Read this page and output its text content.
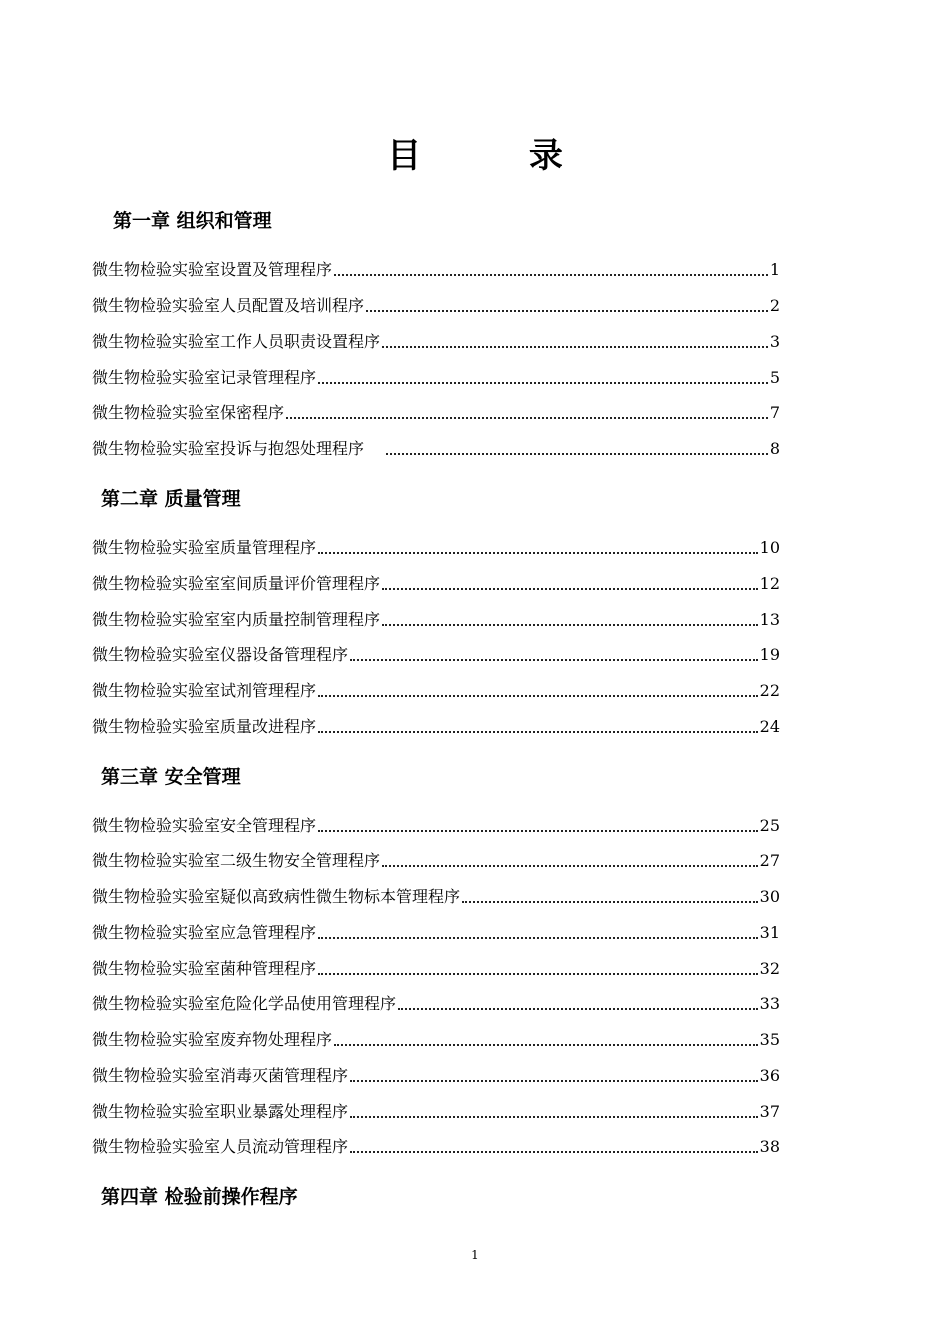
目 录
第一章 组织和管理
微生物检验实验室设置及管理程序	1
微生物检验实验室人员配置及培训程序	2
微生物检验实验室工作人员职责设置程序	3
微生物检验实验室记录管理程序	5
微生物检验实验室保密程序	7
微生物检验实验室投诉与抱怨处理程序	8
第二章 质量管理
微生物检验实验室质量管理程序	10
微生物检验实验室室间质量评价管理程序	12
微生物检验实验室室内质量控制管理程序	13
微生物检验实验室仪器设备管理程序	19
微生物检验实验室试剂管理程序	22
微生物检验实验室质量改进程序	24
第三章 安全管理
微生物检验实验室安全管理程序	25
微生物检验实验室二级生物安全管理程序	27
微生物检验实验室疑似高致病性微生物标本管理程序	30
微生物检验实验室应急管理程序	31
微生物检验实验室菌种管理程序	32
微生物检验实验室危险化学品使用管理程序	33
微生物检验实验室废弃物处理程序	35
微生物检验实验室消毒灭菌管理程序	36
微生物检验实验室职业暴露处理程序	37
微生物检验实验室人员流动管理程序	38
第四章 检验前操作程序
1
